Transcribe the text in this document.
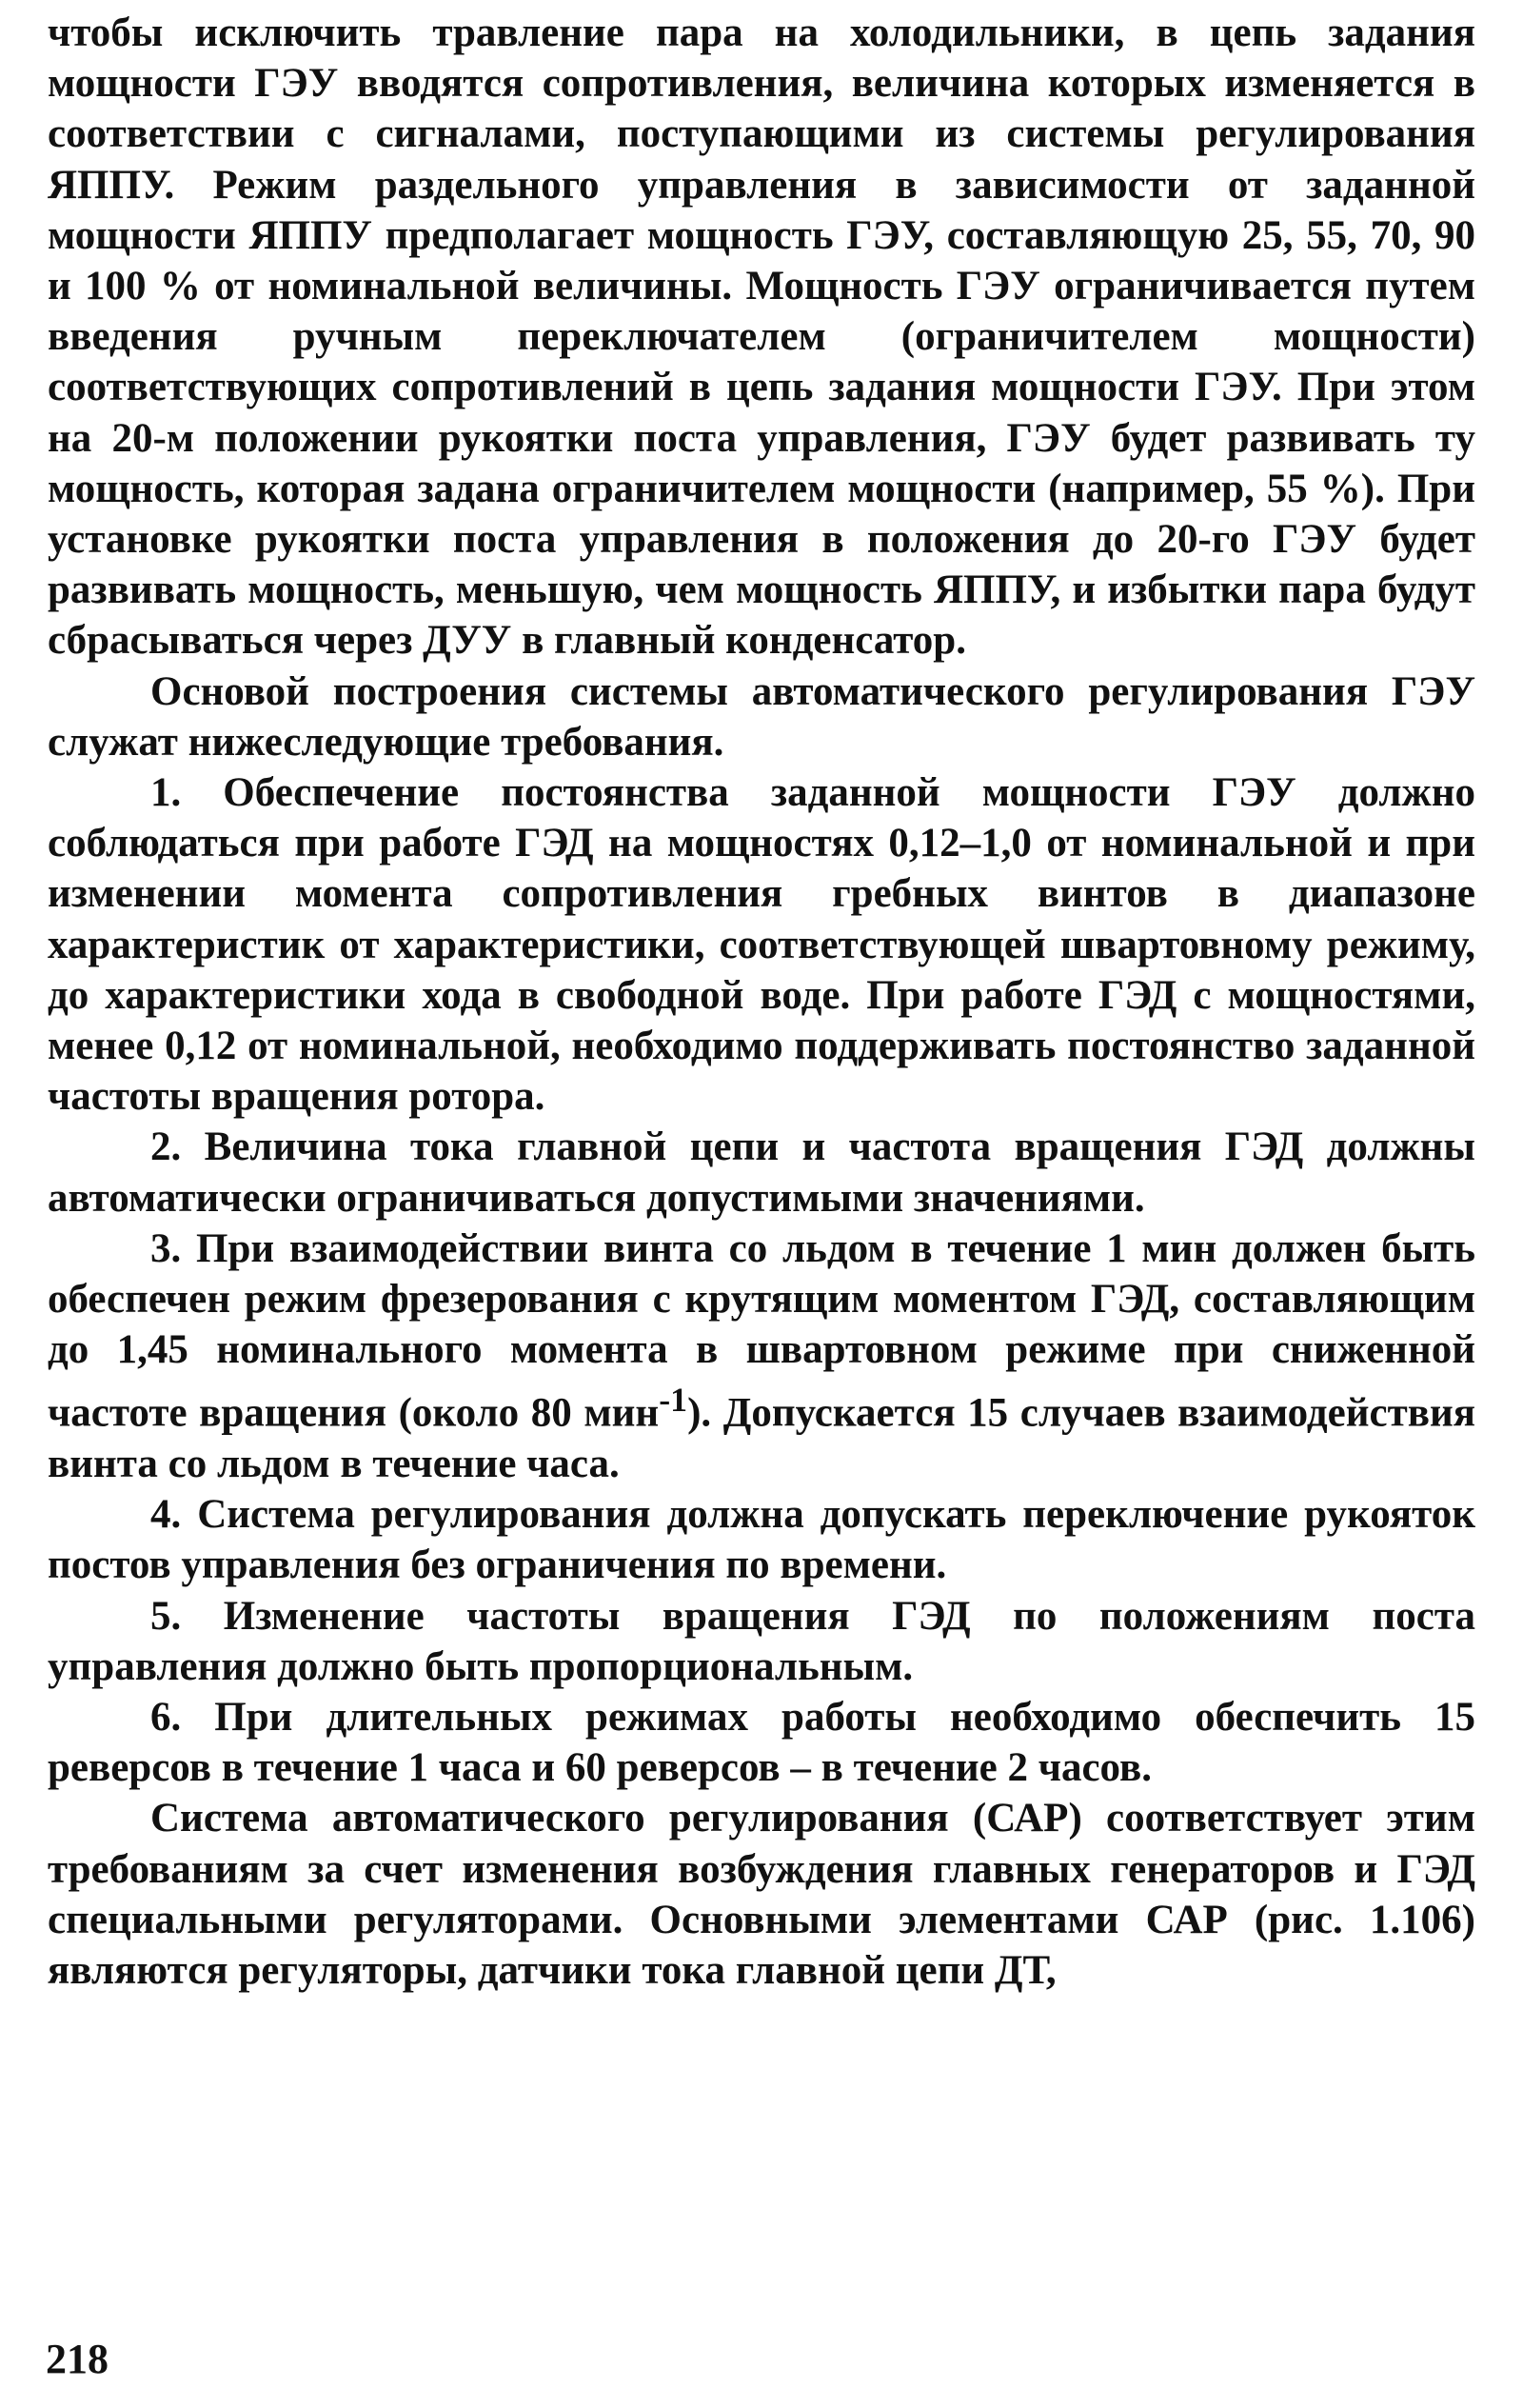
чтобы исключить травление пара на холодильники, в цепь задания мощности ГЭУ вводятся сопротивления, величина которых изменяется в соответствии с сигналами, поступающими из системы регулирования ЯППУ. Режим раздельного управления в зависимости от заданной мощности ЯППУ предполагает мощность ГЭУ, составляющую 25, 55, 70, 90 и 100 % от номинальной величины. Мощность ГЭУ ограничивается путем введения ручным переключателем (ограничителем мощности) соответствующих сопротивлений в цепь задания мощности ГЭУ. При этом на 20-м положении рукоятки поста управления, ГЭУ будет развивать ту мощность, которая задана ограничителем мощности (например, 55 %). При установке рукоятки поста управления в положения до 20-го ГЭУ будет развивать мощность, меньшую, чем мощность ЯППУ, и избытки пара будут сбрасываться через ДУУ в главный конденсатор.

Основой построения системы автоматического регулирования ГЭУ служат нижеследующие требования.

1. Обеспечение постоянства заданной мощности ГЭУ должно соблюдаться при работе ГЭД на мощностях 0,12–1,0 от номинальной и при изменении момента сопротивления гребных винтов в диапазоне характеристик от характеристики, соответствующей швартовному режиму, до характеристики хода в свободной воде. При работе ГЭД с мощностями, менее 0,12 от номинальной, необходимо поддерживать постоянство заданной частоты вращения ротора.

2. Величина тока главной цепи и частота вращения ГЭД должны автоматически ограничиваться допустимыми значениями.

3. При взаимодействии винта со льдом в течение 1 мин должен быть обеспечен режим фрезерования с крутящим моментом ГЭД, составляющим до 1,45 номинального момента в швартовном режиме при сниженной частоте вращения (около 80 мин$^{-1}$). Допускается 15 случаев взаимодействия винта со льдом в течение часа.

4. Система регулирования должна допускать переключение рукояток постов управления без ограничения по времени.

5. Изменение частоты вращения ГЭД по положениям поста управления должно быть пропорциональным.

6. При длительных режимах работы необходимо обеспечить 15 реверсов в течение 1 часа и 60 реверсов – в течение 2 часов.

Система автоматического регулирования (САР) соответствует этим требованиям за счет изменения возбуждения главных генераторов и ГЭД специальными регуляторами. Основными элементами САР (рис. 1.106) являются регуляторы, датчики тока главной цепи ДТ,

218
